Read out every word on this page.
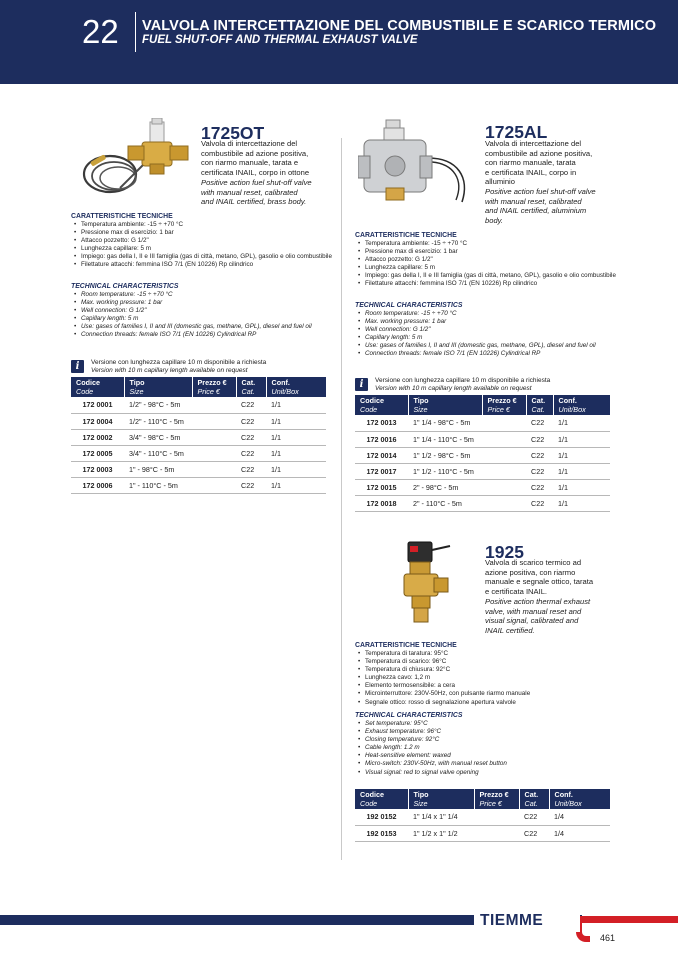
22 VALVOLA INTERCETTAZIONE DEL COMBUSTIBILE E SCARICO TERMICO
FUEL SHUT-OFF AND THERMAL EXHAUST VALVE
1725OT
Valvola di intercettazione del
combustibile ad azione positiva,
con riarmo manuale, tarata e
certificata INAIL, corpo in ottone
Positive action fuel shut-off valve
with manual reset, calibrated
and INAIL certified, brass body.
CARATTERISTICHE TECNICHE
• Temperatura ambiente: -15 ÷ +70 °C
• Pressione max di esercizio: 1 bar
• Attacco pozzetto: G 1/2"
• Lunghezza capillare: 5 m
• Impiego: gas della I, II e III famiglia (gas di città, metano, GPL), gasolio e olio combustibile
• Filettature attacchi: femmina ISO 7/1 (EN 10226) Rp cilindrico
TECHNICAL CHARACTERISTICS
• Room temperature: -15 ÷ +70 °C
• Max. working pressure: 1 bar
• Well connection: G 1/2"
• Capillary length: 5 m
• Use: gases of families I, II and III (domestic gas, methane, GPL), diesel and fuel oil
• Connection threads: female ISO 7/1 (EN 10226) Cylindrical RP
i	Versione con lunghezza capillare 10 m disponibile a richiesta
Version with 10 m capillary length available on request
Codice
Code	Tipo
Size	Prezzo €
Price €	Cat.
Cat.	Conf.
Unit/Box

172 0001	1/2" - 98°C - 5m		C22	1/1
172 0004	1/2" - 110°C - 5m		C22	1/1
172 0002	3/4" - 98°C - 5m		C22	1/1
172 0005	3/4" - 110°C - 5m		C22	1/1
172 0003	1" - 98°C - 5m		C22	1/1
172 0006	1" - 110°C - 5m		C22	1/1
1725AL
Valvola di intercettazione del
combustibile ad azione positiva,
con riarmo manuale, tarata
e certificata INAIL, corpo in
alluminio
Positive action fuel shut-off valve
with manual reset, calibrated
and INAIL certified, aluminium
body.
CARATTERISTICHE TECNICHE
• Temperatura ambiente: -15 ÷ +70 °C
• Pressione max di esercizio: 1 bar
• Attacco pozzetto: G 1/2"
• Lunghezza capillare: 5 m
• Impiego: gas della I, II e III famiglia (gas di città, metano, GPL), gasolio e olio combustibile
• Filettature attacchi: femmina ISO 7/1 (EN 10226) Rp cilindrico
TECHNICAL CHARACTERISTICS
• Room temperature: -15 ÷ +70 °C
• Max. working pressure: 1 bar
• Well connection: G 1/2"
• Capillary length: 5 m
• Use: gases of families I, II and III (domestic gas, methane, GPL), diesel and fuel oil
• Connection threads: female ISO 7/1 (EN 10226) Cylindrical RP
i	Versione con lunghezza capillare 10 m disponibile a richiesta
Version with 10 m capillary length available on request
Codice
Code	Tipo
Size	Prezzo €
Price €	Cat.
Cat.	Conf.
Unit/Box

172 0013	1" 1/4 - 98°C - 5m		C22	1/1
172 0016	1" 1/4 - 110°C - 5m		C22	1/1
172 0014	1" 1/2 - 98°C - 5m		C22	1/1
172 0017	1" 1/2 - 110°C - 5m		C22	1/1
172 0015	2" - 98°C - 5m		C22	1/1
172 0018	2" - 110°C - 5m		C22	1/1
1925
Valvola di scarico termico ad
azione positiva, con riarmo
manuale e segnale ottico, tarata
e certificata INAIL.
Positive action thermal exhaust
valve, with manual reset and
visual signal, calibrated and
INAIL certified.
CARATTERISTICHE TECNICHE
• Temperatura di taratura: 95°C
• Temperatura di scarico: 96°C
• Temperatura di chiusura: 92°C
• Lunghezza cavo: 1,2 m
• Elemento termosensibile: a cera
• Microinterruttore: 230V-50Hz, con pulsante riarmo manuale
• Segnale ottico: rosso di segnalazione apertura valvole
TECHNICAL CHARACTERISTICS
• Set temperature: 95°C
• Exhaust temperature: 96°C
• Closing temperature: 92°C
• Cable length: 1.2 m
• Heat-sensitive element: waxed
• Micro-switch: 230V-50Hz, with manual reset button
• Visual signal: red to signal valve opening
Codice
Code	Tipo
Size	Prezzo €
Price €	Cat.
Cat.	Conf.
Unit/Box

192 0152	1" 1/4 x 1" 1/4		C22	1/4
192 0153	1" 1/2 x 1" 1/2		C22	1/4
TIEMME
461
